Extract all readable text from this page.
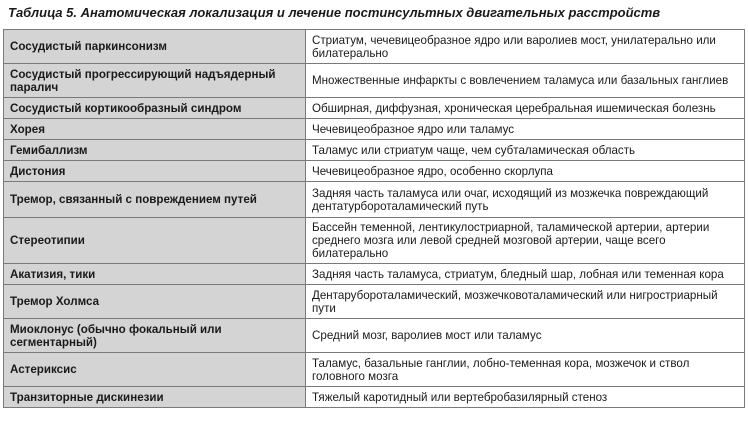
Таблица 5. Анатомическая локализация и лечение постинсультных двигательных расстройств
Сосудистый паркинсонизм	Стриатум, чечевицеобразное ядро или варолиев мост, унилатерально или билатерально
Сосудистый прогрессирующий надъядерный паралич	Множественные инфаркты с вовлечением таламуса или базальных ганглиев
Сосудистый кортикообразный синдром	Обширная, диффузная, хроническая церебральная ишемическая болезнь
Хорея	Чечевицеобразное ядро или таламус
Гемибаллизм	Таламус или стриатум чаще, чем субталамическая область
Дистония	Чечевицеобразное ядро, особенно скорлупа
Тремор, связанный с повреждением путей	Задняя часть таламуса или очаг, исходящий из мозжечка повреждающий дентатурбороталамический путь
Стереотипии	Бассейн теменной, лентикулостриарной, таламической артерии, артерии среднего мозга или левой средней мозговой артерии, чаще всего билатерально
Акатизия, тики	Задняя часть таламуса, стриатум, бледный шар, лобная или теменная кора
Тремор Холмса	Дентарубороталамический, мозжечковоталамический или нигростриарный пути
Миоклонус (обычно фокальный или сегментарный)	Средний мозг, варолиев мост или таламус
Астериксис	Таламус, базальные ганглии, лобно-теменная кора, мозжечок и ствол головного мозга
Транзиторные дискинезии	Тяжелый каротидный или вертебробазилярный стеноз
